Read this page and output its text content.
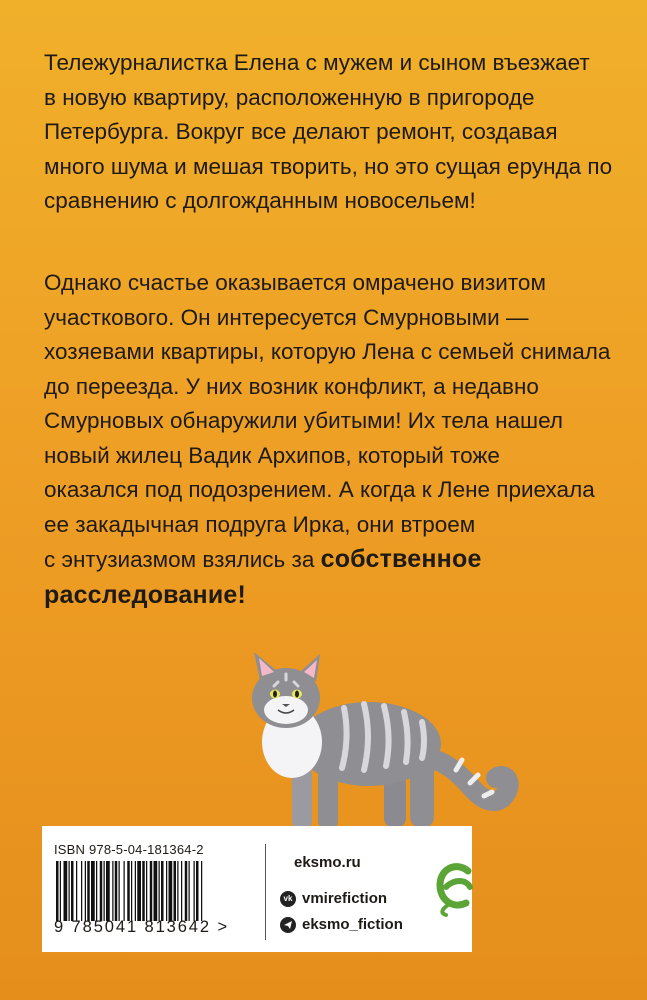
Тележурналистка Елена с мужем и сыном въезжает
в новую квартиру, расположенную в пригороде
Петербурга. Вокруг все делают ремонт, создавая
много шума и мешая творить, но это сущая ерунда по
сравнению с долгожданным новосельем!
Однако счастье оказывается омрачено визитом
участкового. Он интересуется Смурновыми —
хозяевами квартиры, которую Лена с семьей снимала
до переезда. У них возник конфликт, а недавно
Смурновых обнаружили убитыми! Их тела нашел
новый жилец Вадик Архипов, который тоже
оказался под подозрением. А когда к Лене приехала
ее закадычная подруга Ирка, они втроем
с энтузиазмом взялись за собственное
расследование!
ISBN 978-5-04-181364-2
9 785041 813642 >
eksmo.ru
vk vmirefiction
eksmo_fiction
